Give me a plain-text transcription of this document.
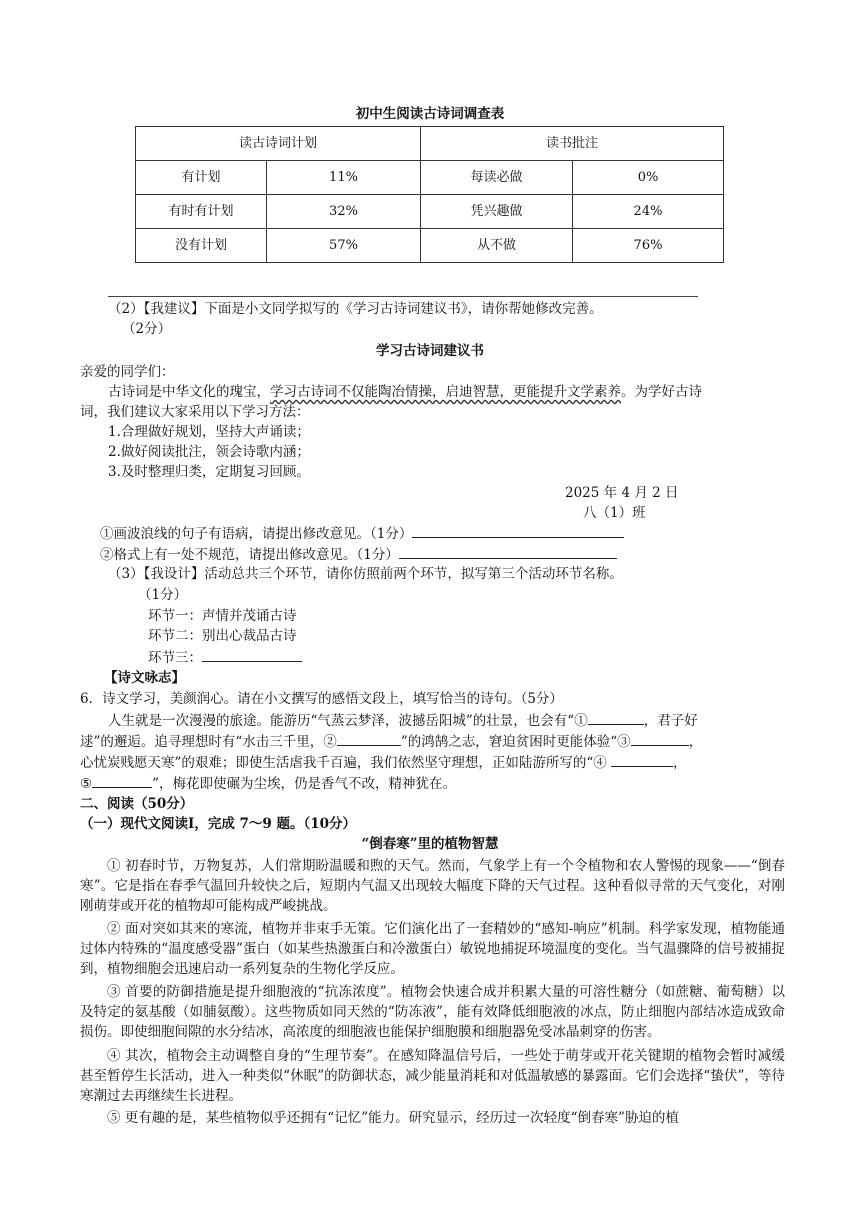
初中生阅读古诗词调查表
读古诗词计划		读书批注	
有计划	11%	每读必做	0%
有时有计划	32%	凭兴趣做	24%
没有计划	57%	从不做	76%
（2）【我建议】下面是小文同学拟写的《学习古诗词建议书》，请你帮她修改完善。
（2分）
学习古诗词建议书
亲爱的同学们：
古诗词是中华文化的瑰宝，学习古诗词不仅能陶冶情操，启迪智慧，更能提升文学素养。为学好古诗
词，我们建议大家采用以下学习方法：
1.合理做好规划，坚持大声诵读；
2.做好阅读批注，领会诗歌内涵；
3.及时整理归类，定期复习回顾。
2025 年 4 月 2 日
八（1）班
①画波浪线的句子有语病，请提出修改意见。（1分）
②格式上有一处不规范，请提出修改意见。（1分）
（3）【我设计】活动总共三个环节，请你仿照前两个环节，拟写第三个活动环节名称。
（1分）
环节一：声情并茂诵古诗
环节二：别出心裁品古诗
环节三：
【诗文咏志】
6．诗文学习，美颜润心。请在小文撰写的感悟文段上，填写恰当的诗句。（5分）
人生就是一次漫漫的旅途。能游历“气蒸云梦泽，波撼岳阳城”的壮景，也会有“①	，君子好
逑”的邂逅。追寻理想时有“水击三千里，②	”的鸿鹄之志，窘迫贫困时更能体验“③	，
心忧炭贱愿天寒”的艰难；即使生活虐我千百遍，我们依然坚守理想，正如陆游所写的“④	，
⑤	”，梅花即使碾为尘埃，仍是香气不改，精神犹在。
二、阅读（50分）
（一）现代文阅读Ⅰ，完成 7～9 题。（10分）
“倒春寒”里的植物智慧
① 初春时节，万物复苏，人们常期盼温暖和煦的天气。然而，气象学上有一个令植物和农人警惕的现象——“倒春寒”。它是指在春季气温回升较快之后，短期内气温又出现较大幅度下降的天气过程。这种看似寻常的天气变化，对刚刚萌芽或开花的植物却可能构成严峻挑战。
② 面对突如其来的寒流，植物并非束手无策。它们演化出了一套精妙的“感知-响应”机制。科学家发现，植物能通过体内特殊的“温度感受器”蛋白（如某些热激蛋白和冷激蛋白）敏锐地捕捉环境温度的变化。当气温骤降的信号被捕捉到，植物细胞会迅速启动一系列复杂的生物化学反应。
③ 首要的防御措施是提升细胞液的“抗冻浓度”。植物会快速合成并积累大量的可溶性糖分（如蔗糖、葡萄糖）以及特定的氨基酸（如脯氨酸）。这些物质如同天然的“防冻液”，能有效降低细胞液的冰点，防止细胞内部结冰造成致命损伤。即使细胞间隙的水分结冰，高浓度的细胞液也能保护细胞膜和细胞器免受冰晶刺穿的伤害。
④ 其次，植物会主动调整自身的“生理节奏”。在感知降温信号后，一些处于萌芽或开花关键期的植物会暂时减缓甚至暂停生长活动，进入一种类似“休眠”的防御状态，减少能量消耗和对低温敏感的暴露面。它们会选择“蛰伏”，等待寒潮过去再继续生长进程。
⑤ 更有趣的是，某些植物似乎还拥有“记忆”能力。研究显示，经历过一次轻度“倒春寒”胁迫的植
